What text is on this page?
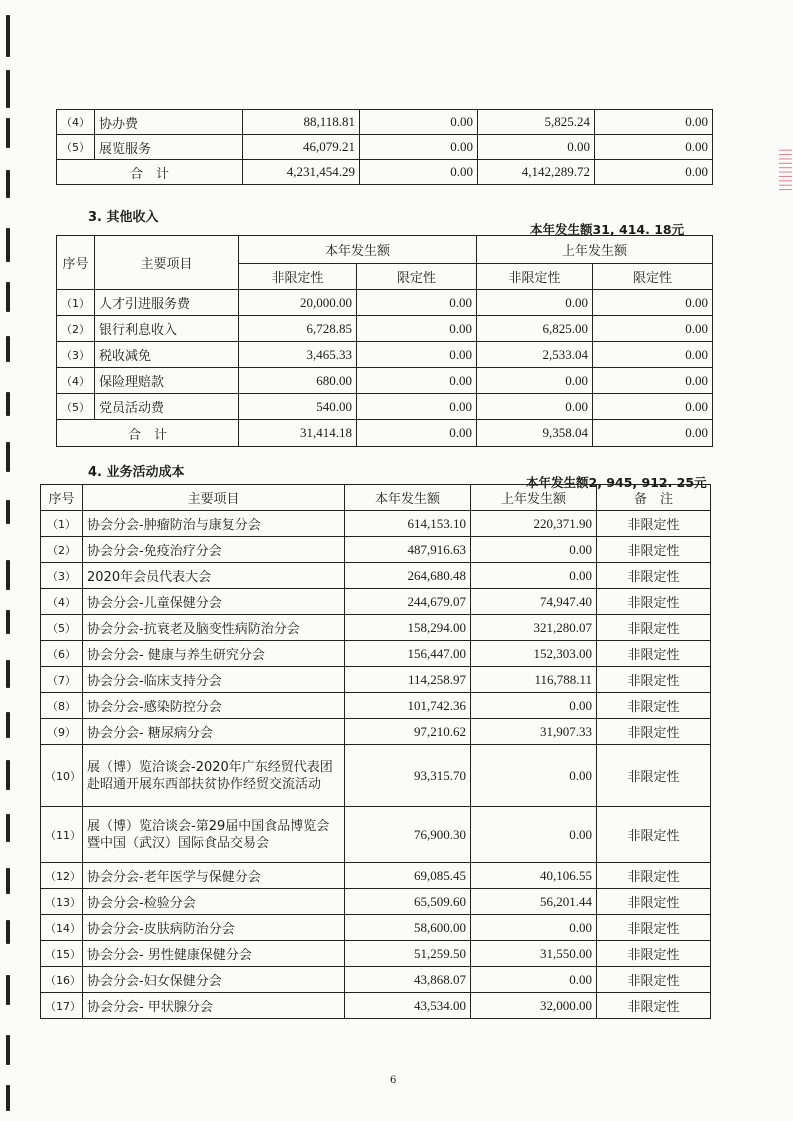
||||||||||
（4）	协办费	88,118.81	0.00	5,825.24	0.00
（5）	展览服务	46,079.21	0.00	0.00	0.00
合　计		4,231,454.29	0.00	4,142,289.72	0.00
3. 其他收入
本年发生额31, 414. 18元
序号	主要项目	本年发生额		上年发生额	
		非限定性	限定性	非限定性	限定性
（1）	人才引进服务费	20,000.00	0.00	0.00	0.00
（2）	银行利息收入	6,728.85	0.00	6,825.00	0.00
（3）	税收减免	3,465.33	0.00	2,533.04	0.00
（4）	保险理赔款	680.00	0.00	0.00	0.00
（5）	党员活动费	540.00	0.00	0.00	0.00
合　计		31,414.18	0.00	9,358.04	0.00
4. 业务活动成本
本年发生额2, 945, 912. 25元
序号	主要项目	本年发生额	上年发生额	备　注
（1）	协会分会-肿瘤防治与康复分会	614,153.10	220,371.90	非限定性
（2）	协会分会-免疫治疗分会	487,916.63	0.00	非限定性
（3）	2020年会员代表大会	264,680.48	0.00	非限定性
（4）	协会分会-儿童保健分会	244,679.07	74,947.40	非限定性
（5）	协会分会-抗衰老及脑变性病防治分会	158,294.00	321,280.07	非限定性
（6）	协会分会- 健康与养生研究分会	156,447.00	152,303.00	非限定性
（7）	协会分会-临床支持分会	114,258.97	116,788.11	非限定性
（8）	协会分会-感染防控分会	101,742.36	0.00	非限定性
（9）	协会分会- 糖尿病分会	97,210.62	31,907.33	非限定性
（10）	展（博）览洽谈会-2020年广东经贸代表团赴昭通开展东西部扶贫协作经贸交流活动	93,315.70	0.00	非限定性
（11）	展（博）览洽谈会-第29届中国食品博览会暨中国（武汉）国际食品交易会	76,900.30	0.00	非限定性
（12）	协会分会-老年医学与保健分会	69,085.45	40,106.55	非限定性
（13）	协会分会-检验分会	65,509.60	56,201.44	非限定性
（14）	协会分会-皮肤病防治分会	58,600.00	0.00	非限定性
（15）	协会分会- 男性健康保健分会	51,259.50	31,550.00	非限定性
（16）	协会分会-妇女保健分会	43,868.07	0.00	非限定性
（17）	协会分会- 甲状腺分会	43,534.00	32,000.00	非限定性
6
